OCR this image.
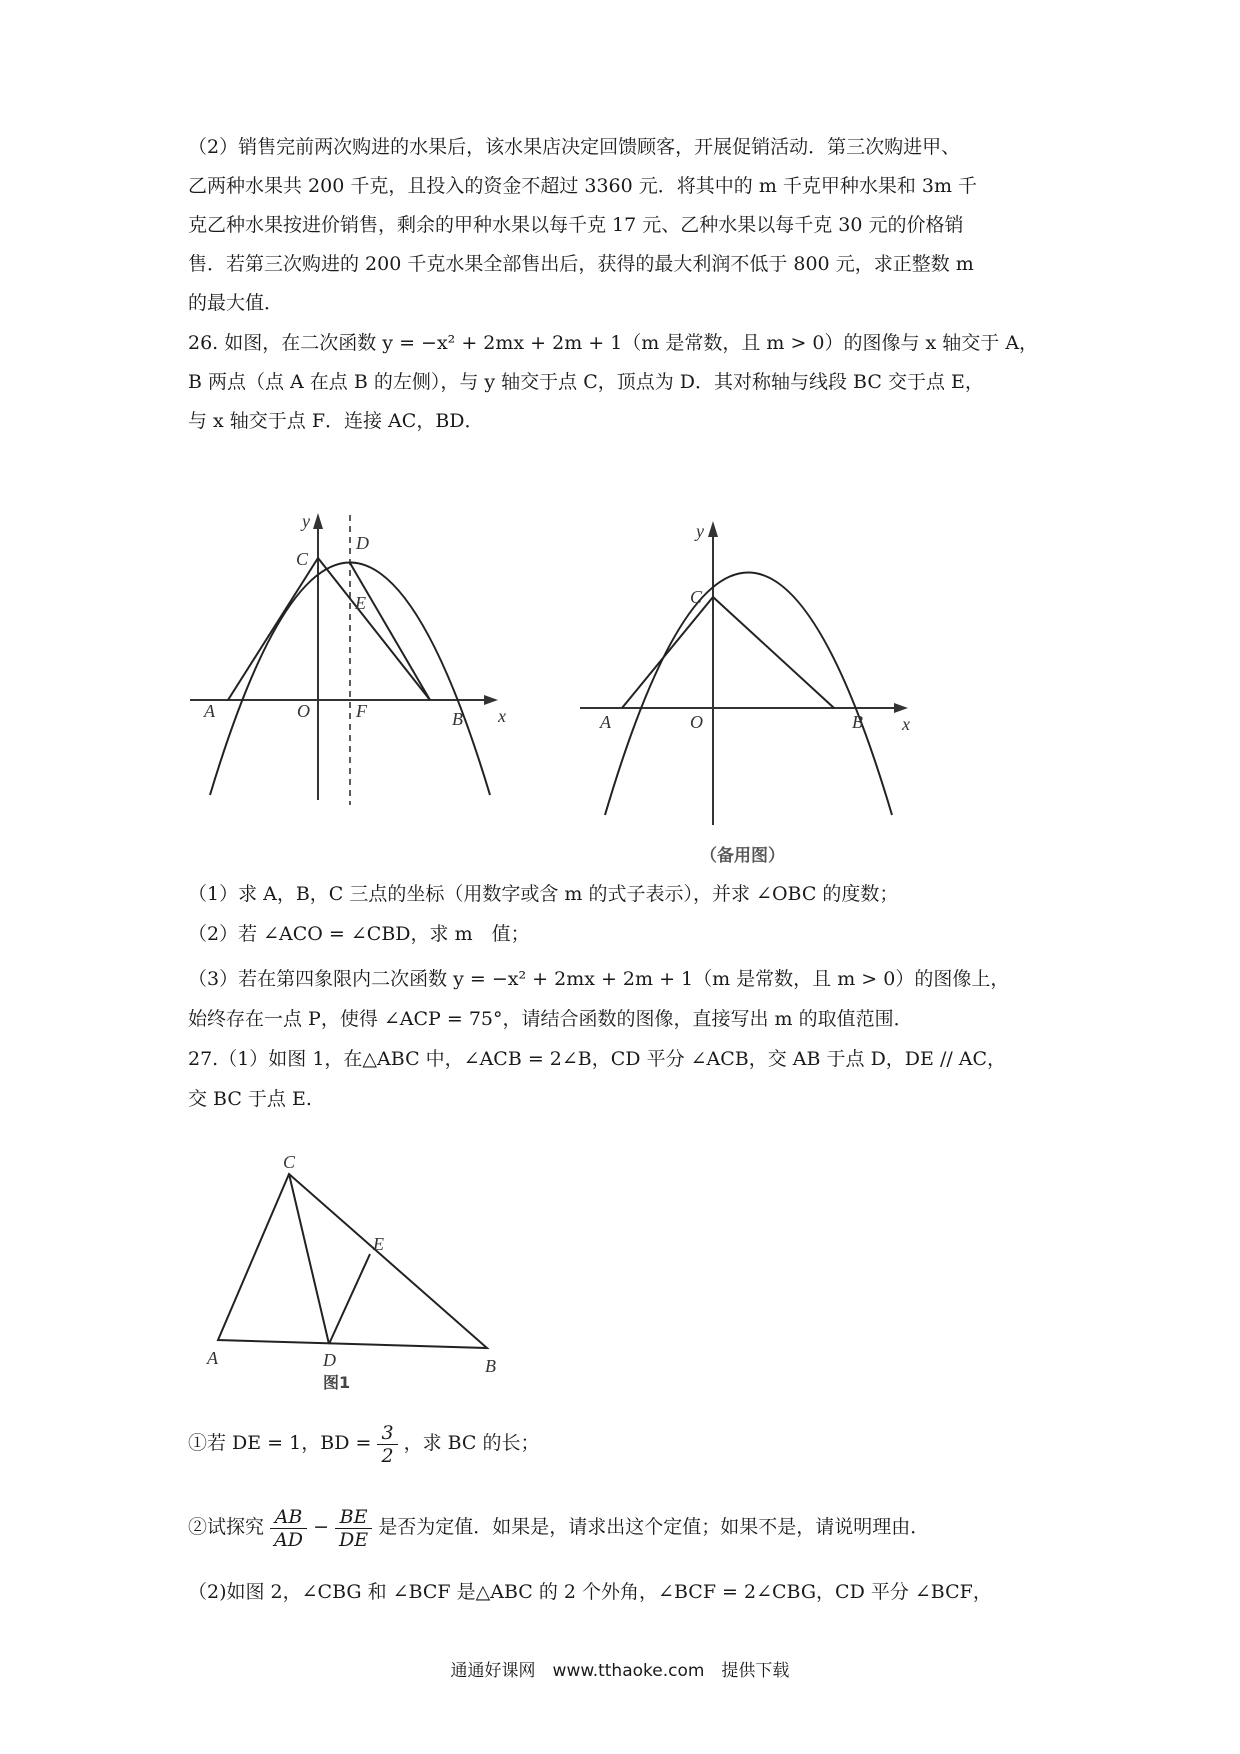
（2）销售完前两次购进的水果后，该水果店决定回馈顾客，开展促销活动．第三次购进甲、
乙两种水果共 200 千克，且投入的资金不超过 3360 元．将其中的 m 千克甲种水果和 3m 千
克乙种水果按进价销售，剩余的甲种水果以每千克 17 元、乙种水果以每千克 30 元的价格销
售．若第三次购进的 200 千克水果全部售出后，获得的最大利润不低于 800 元，求正整数 m
的最大值．
26. 如图，在二次函数 y = −x² + 2mx + 2m + 1（m 是常数，且 m > 0）的图像与 x 轴交于 A，
B 两点（点 A 在点 B 的左侧），与 y 轴交于点 C，顶点为 D．其对称轴与线段 BC 交于点 E，
与 x 轴交于点 F．连接 AC，BD．
y
x
A	O	F	B
C
D
E
y
x
A	O	B
C
（备用图）
（1）求 A，B，C 三点的坐标（用数字或含 m 的式子表示），并求 ∠OBC 的度数；
（2）若 ∠ACO = ∠CBD，求 m　值；
（3）若在第四象限内二次函数 y = −x² + 2mx + 2m + 1（m 是常数，且 m > 0）的图像上，
始终存在一点 P，使得 ∠ACP = 75°，请结合函数的图像，直接写出 m 的取值范围．
27.（1）如图 1，在△ABC 中，∠ACB = 2∠B，CD 平分 ∠ACB，交 AB 于点 D，DE // AC，
交 BC 于点 E.
C
E
A	D	B
图1
①若 DE = 1，BD = $\frac{3}{2}$ ，求 BC 的长；
②试探究 $\frac{AB}{AD} - \frac{BE}{DE}$ 是否为定值．如果是，请求出这个定值；如果不是，请说明理由．
（2)如图 2，∠CBG 和 ∠BCF 是△ABC 的 2 个外角，∠BCF = 2∠CBG，CD 平分 ∠BCF，
通通好课网　www.tthaoke.com　提供下载
